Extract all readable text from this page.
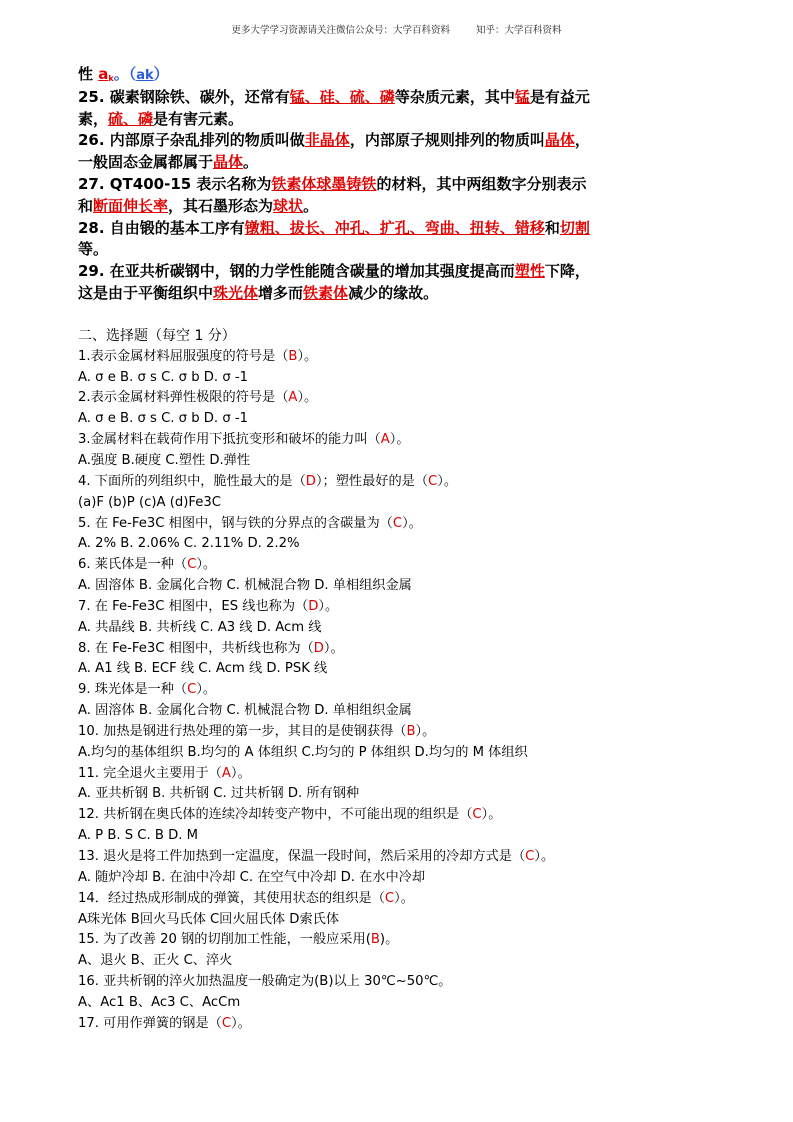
更多大学学习资源请关注微信公众号：大学百科资料	知乎：大学百科资料
性 $a_k$。（ak）
25. 碳素钢除铁、碳外，还常有锰、硅、硫、磷等杂质元素，其中锰是有益元
素，硫、磷是有害元素。
26. 内部原子杂乱排列的物质叫做非晶体，内部原子规则排列的物质叫晶体，
一般固态金属都属于晶体。
27. QT400-15 表示名称为铁素体球墨铸铁的材料，其中两组数字分别表示
和断面伸长率，其石墨形态为球状。
28. 自由锻的基本工序有镦粗、拔长、冲孔、扩孔、弯曲、扭转、错移和切割
等。
29. 在亚共析碳钢中，钢的力学性能随含碳量的增加其强度提高而塑性下降，
这是由于平衡组织中珠光体增多而铁素体减少的缘故。
二、选择题（每空 1 分）
1.表示金属材料屈服强度的符号是（B）。
A. σ e B. σ s C. σ b D. σ -1
2.表示金属材料弹性极限的符号是（A）。
A. σ e B. σ s C. σ b D. σ -1
3.金属材料在载荷作用下抵抗变形和破坏的能力叫（A）。
A.强度 B.硬度 C.塑性 D.弹性
4. 下面所的列组织中，脆性最大的是（D）；塑性最好的是（C）。
(a)F (b)P (c)A (d)Fe3C
5. 在 Fe-Fe3C 相图中，钢与铁的分界点的含碳量为（C）。
A. 2% B. 2.06% C. 2.11% D. 2.2%
6. 莱氏体是一种（C）。
A. 固溶体 B. 金属化合物 C. 机械混合物 D. 单相组织金属
7. 在 Fe-Fe3C 相图中，ES 线也称为（D）。
A. 共晶线 B. 共析线 C. A3 线 D. Acm 线
8. 在 Fe-Fe3C 相图中，共析线也称为（D）。
A. A1 线 B. ECF 线 C. Acm 线 D. PSK 线
9. 珠光体是一种（C）。
A. 固溶体 B. 金属化合物 C. 机械混合物 D. 单相组织金属
10. 加热是钢进行热处理的第一步，其目的是使钢获得（B）。
A.均匀的基体组织 B.均匀的 A 体组织 C.均匀的 P 体组织 D.均匀的 M 体组织
11. 完全退火主要用于（A）。
A. 亚共析钢 B. 共析钢 C. 过共析钢 D. 所有钢种
12. 共析钢在奥氏体的连续冷却转变产物中，不可能出现的组织是（C）。
A. P B. S C. B D. M
13. 退火是将工件加热到一定温度，保温一段时间，然后采用的冷却方式是（C）。
A. 随炉冷却 B. 在油中冷却 C. 在空气中冷却 D. 在水中冷却
14．经过热成形制成的弹簧，其使用状态的组织是（C）。
A珠光体 B回火马氏体 C回火屈氏体 D索氏体
15. 为了改善 20 钢的切削加工性能，一般应采用(B)。
A、退火 B、正火 C、淬火
16. 亚共析钢的淬火加热温度一般确定为(B)以上 30℃~50℃。
A、Ac1 B、Ac3 C、AcCm
17. 可用作弹簧的钢是（C）。
